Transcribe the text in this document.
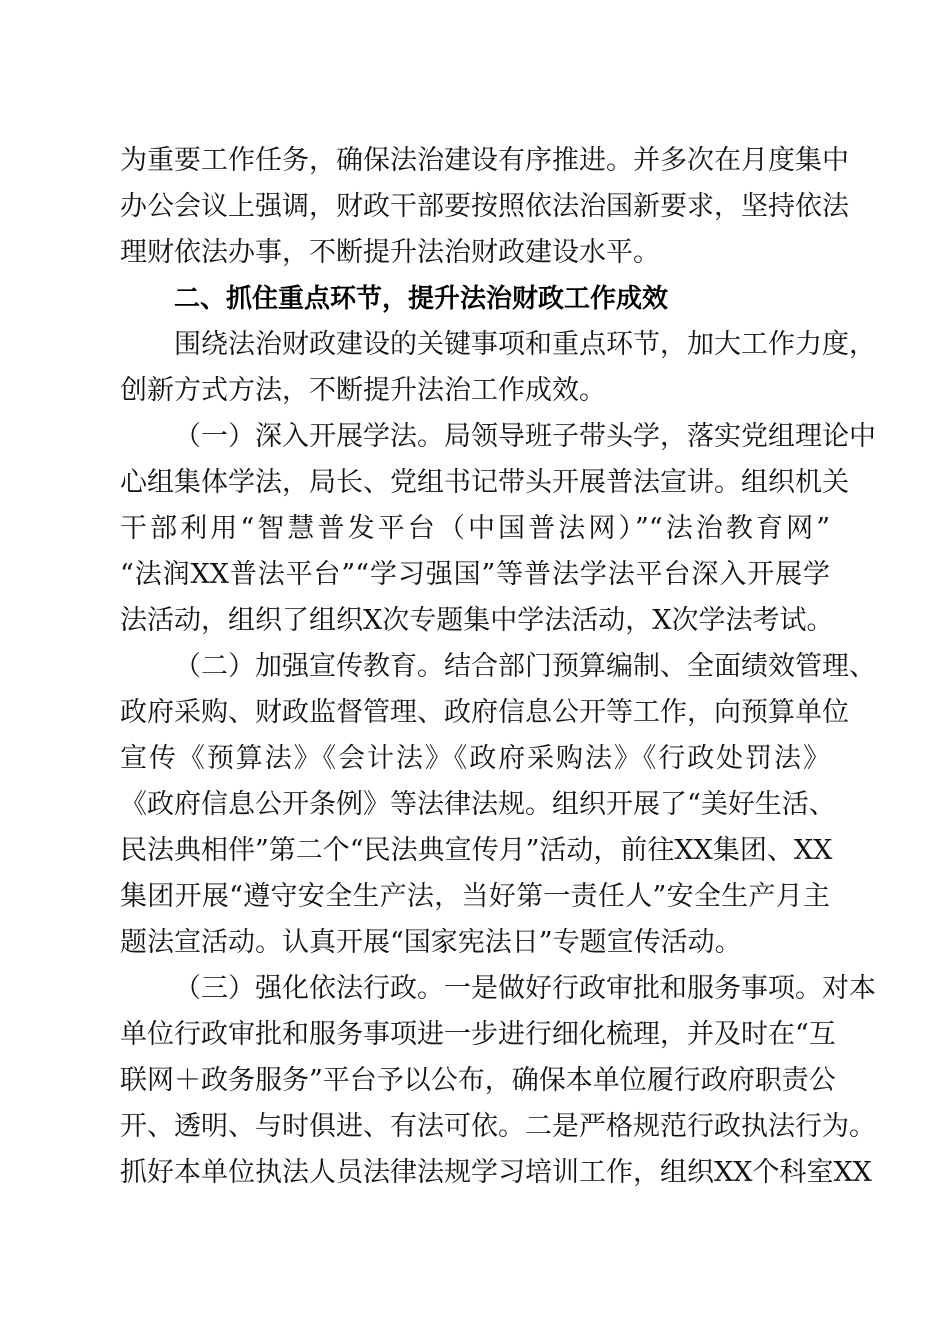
为重要工作任务，确保法治建设有序推进。并多次在月度集中
办公会议上强调，财政干部要按照依法治国新要求，坚持依法
理财依法办事，不断提升法治财政建设水平。
二、抓住重点环节，提升法治财政工作成效
围绕法治财政建设的关键事项和重点环节，加大工作力度，
创新方式方法，不断提升法治工作成效。
（一）深入开展学法。局领导班子带头学，落实党组理论中
心组集体学法，局长、党组书记带头开展普法宣讲。组织机关
干部利用“智慧普发平台（中国普法网）”“法治教育网”
“法润XX普法平台”“学习强国”等普法学法平台深入开展学
法活动，组织了组织X次专题集中学法活动，X次学法考试。
（二）加强宣传教育。结合部门预算编制、全面绩效管理、
政府采购、财政监督管理、政府信息公开等工作，向预算单位
宣传《预算法》《会计法》《政府采购法》《行政处罚法》
《政府信息公开条例》等法律法规。组织开展了“美好生活、
民法典相伴”第二个“民法典宣传月”活动，前往XX集团、XX
集团开展“遵守安全生产法，当好第一责任人”安全生产月主
题法宣活动。认真开展“国家宪法日”专题宣传活动。
（三）强化依法行政。一是做好行政审批和服务事项。对本
单位行政审批和服务事项进一步进行细化梳理，并及时在“互
联网＋政务服务”平台予以公布，确保本单位履行政府职责公
开、透明、与时俱进、有法可依。二是严格规范行政执法行为。
抓好本单位执法人员法律法规学习培训工作，组织XX个科室XX
